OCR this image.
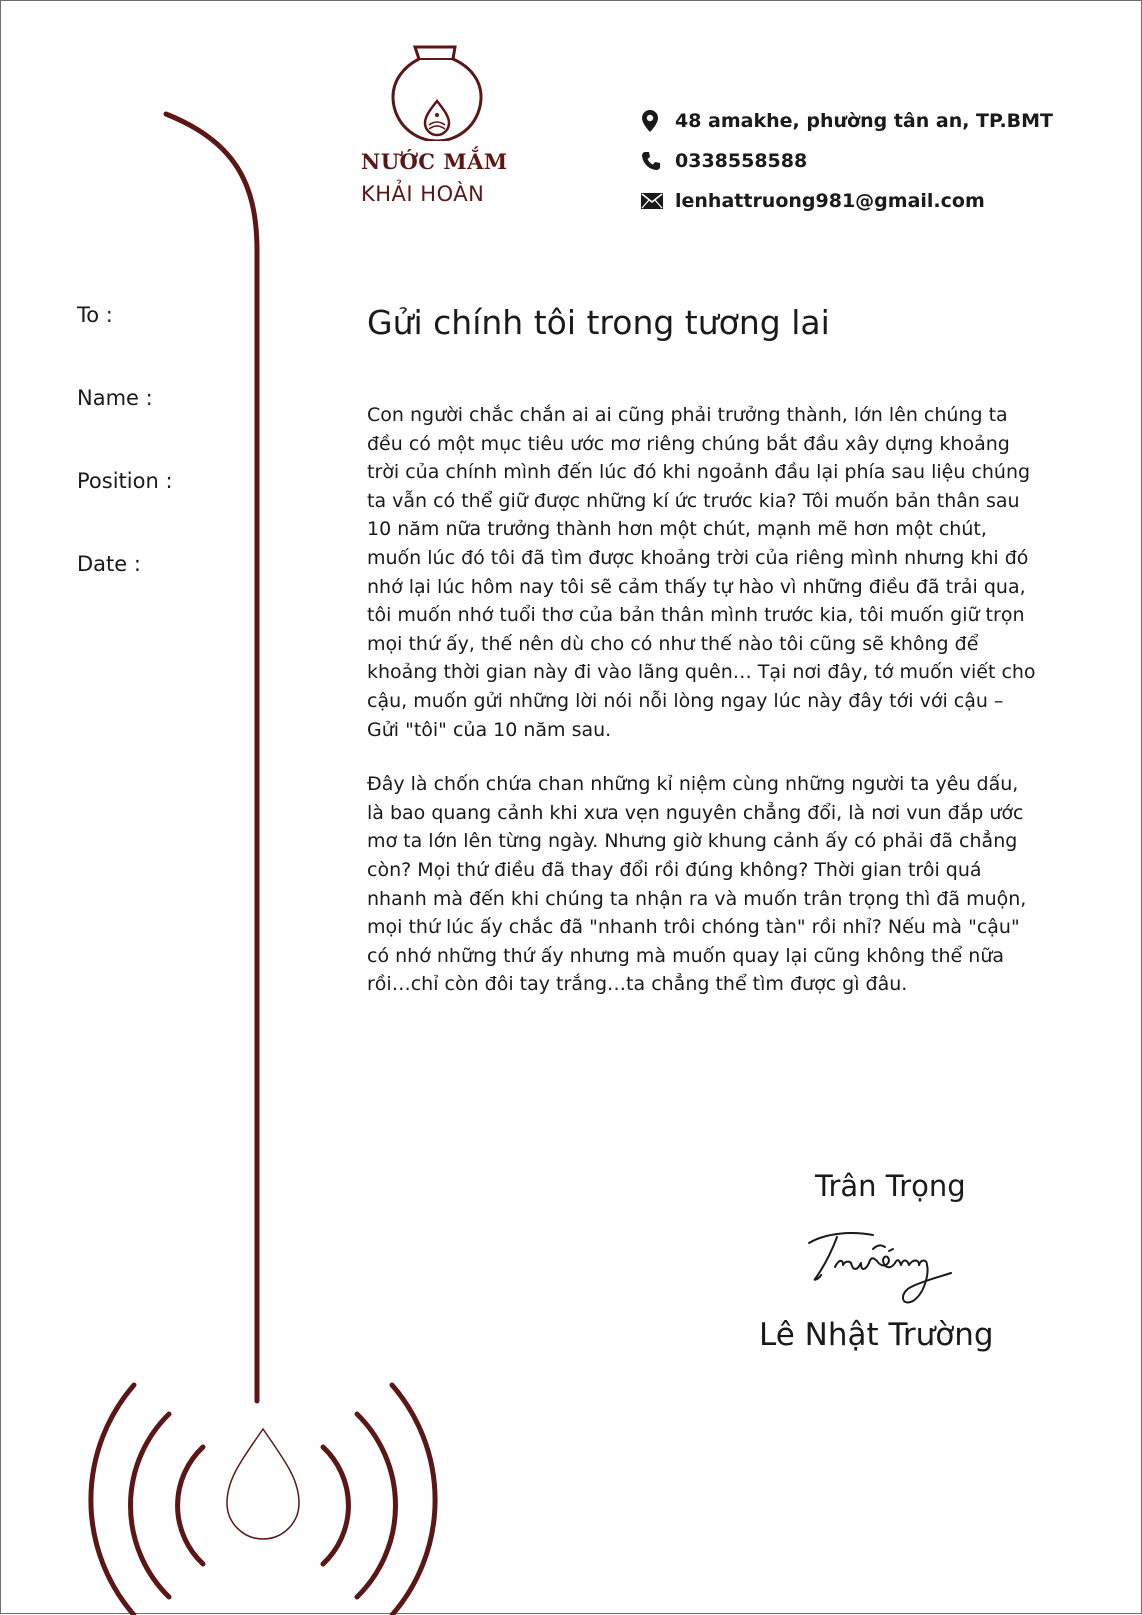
NƯỚC MẮM
KHẢI HOÀN
48 amakhe, phường tân an, TP.BMT
0338558588
lenhattruong981@gmail.com
To :
Name :
Position :
Date :
Gửi chính tôi trong tương lai

Con người chắc chắn ai ai cũng phải trưởng thành, lớn lên chúng ta đều có một mục tiêu ước mơ riêng chúng bắt đầu xây dựng khoảng trời của chính mình đến lúc đó khi ngoảnh đầu lại phía sau liệu chúng ta vẫn có thể giữ được những kí ức trước kia? Tôi muốn bản thân sau 10 năm nữa trưởng thành hơn một chút, mạnh mẽ hơn một chút, muốn lúc đó tôi đã tìm được khoảng trời của riêng mình nhưng khi đó nhớ lại lúc hôm nay tôi sẽ cảm thấy tự hào vì những điều đã trải qua, tôi muốn nhớ tuổi thơ của bản thân mình trước kia, tôi muốn giữ trọn mọi thứ ấy, thế nên dù cho có như thế nào tôi cũng sẽ không để khoảng thời gian này đi vào lãng quên… Tại nơi đây, tớ muốn viết cho cậu, muốn gửi những lời nói nỗi lòng ngay lúc này đây tới với cậu – Gửi "tôi" của 10 năm sau.

Đây là chốn chứa chan những kỉ niệm cùng những người ta yêu dấu, là bao quang cảnh khi xưa vẹn nguyên chẳng đổi, là nơi vun đắp ước mơ ta lớn lên từng ngày. Nhưng giờ khung cảnh ấy có phải đã chẳng còn? Mọi thứ điều đã thay đổi rồi đúng không? Thời gian trôi quá nhanh mà đến khi chúng ta nhận ra và muốn trân trọng thì đã muộn, mọi thứ lúc ấy chắc đã "nhanh trôi chóng tàn" rồi nhỉ? Nếu mà "cậu" có nhớ những thứ ấy nhưng mà muốn quay lại cũng không thể nữa rồi…chỉ còn đôi tay trắng…ta chẳng thể tìm được gì đâu.

Trân Trọng
Lê Nhật Trường
